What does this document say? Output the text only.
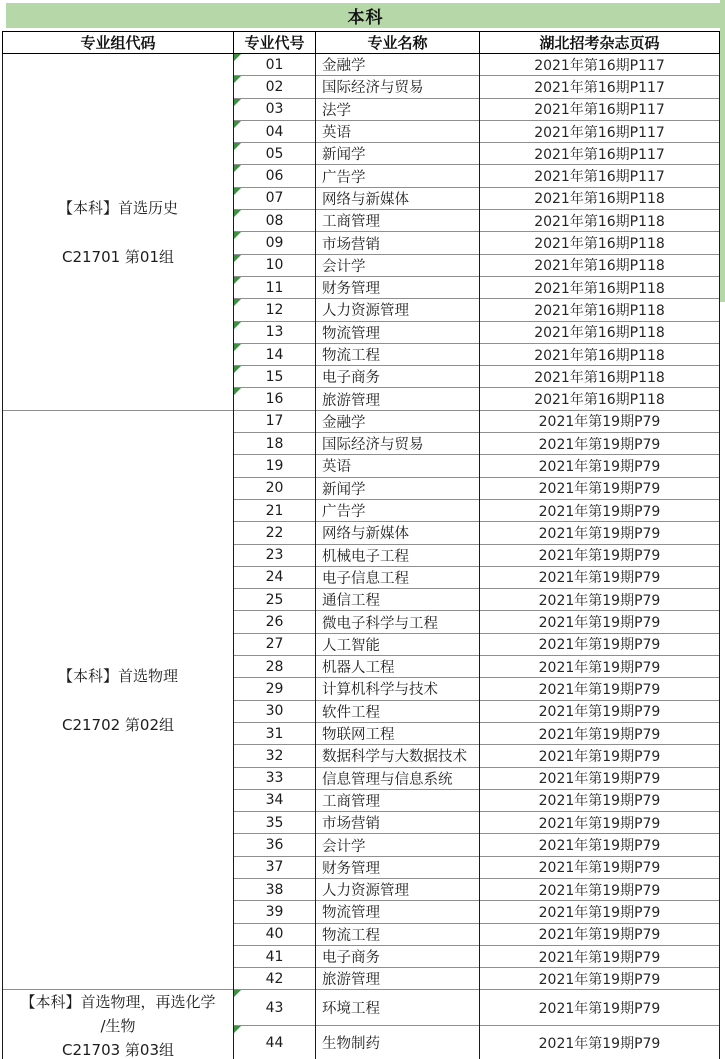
本科
专业组代码	专业代号	专业名称	湖北招考杂志页码

【本科】首选历史
C21701 第01组	01	金融学	2021年第16期P117

02	国际经济与贸易	2021年第16期P117

03	法学	2021年第16期P117

04	英语	2021年第16期P117

05	新闻学	2021年第16期P117

06	广告学	2021年第16期P117

07	网络与新媒体	2021年第16期P118

08	工商管理	2021年第16期P118

09	市场营销	2021年第16期P118

10	会计学	2021年第16期P118

11	财务管理	2021年第16期P118

12	人力资源管理	2021年第16期P118

13	物流管理	2021年第16期P118

14	物流工程	2021年第16期P118

15	电子商务	2021年第16期P118

16	旅游管理	2021年第16期P118

【本科】首选物理
C21702 第02组	17	金融学	2021年第19期P79
	18	国际经济与贸易	2021年第19期P79
	19	英语	2021年第19期P79
	20	新闻学	2021年第19期P79
	21	广告学	2021年第19期P79
	22	网络与新媒体	2021年第19期P79
	23	机械电子工程	2021年第19期P79
	24	电子信息工程	2021年第19期P79
	25	通信工程	2021年第19期P79
	26	微电子科学与工程	2021年第19期P79
	27	人工智能	2021年第19期P79
	28	机器人工程	2021年第19期P79
	29	计算机科学与技术	2021年第19期P79
	30	软件工程	2021年第19期P79
	31	物联网工程	2021年第19期P79
	32	数据科学与大数据技术	2021年第19期P79
	33	信息管理与信息系统	2021年第19期P79
	34	工商管理	2021年第19期P79
	35	市场营销	2021年第19期P79
	36	会计学	2021年第19期P79
	37	财务管理	2021年第19期P79
	38	人力资源管理	2021年第19期P79
	39	物流管理	2021年第19期P79
	40	物流工程	2021年第19期P79
	41	电子商务	2021年第19期P79
	42	旅游管理	2021年第19期P79

【本科】首选物理，再选化学
/生物
C21703 第03组	43	环境工程	2021年第19期P79

44	生物制药	2021年第19期P79
